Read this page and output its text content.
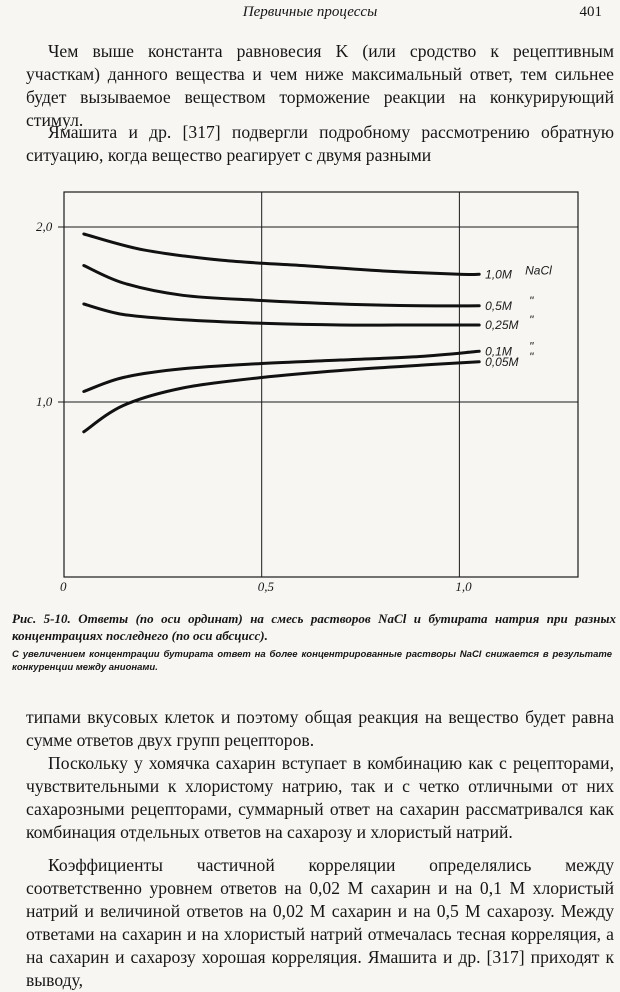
Первичные процессы	401

Чем выше константа равновесия K (или сродство к рецептивным участкам) данного вещества и чем ниже максимальный ответ, тем сильнее будет вызываемое веществом торможение реакции на конкурирующий стимул.

Ямашита и др. [317] подвергли подробному рассмотрению обратную ситуацию, когда вещество реагирует с двумя разными

0	0,5	1,0
1,0
2,0
1,0M NaCl
0,5M "
0,25M "
0,1M "
0,05M "

Рис. 5-10. Ответы (по оси ординат) на смесь растворов NaCl и бутирата натрия при разных концентрациях последнего (по оси абсцисс).

С увеличением концентрации бутирата ответ на более концентрированные растворы NaCl снижается в результате конкуренции между анионами.

типами вкусовых клеток и поэтому общая реакция на вещество будет равна сумме ответов двух групп рецепторов.

Поскольку у хомячка сахарин вступает в комбинацию как с рецепторами, чувствительными к хлористому натрию, так и с четко отличными от них сахарозными рецепторами, суммарный ответ на сахарин рассматривался как комбинация отдельных ответов на сахарозу и хлористый натрий.

Коэффициенты частичной корреляции определялись между соответственно уровнем ответов на 0,02 М сахарин и на 0,1 М хлористый натрий и величиной ответов на 0,02 М сахарин и на 0,5 М сахарозу. Между ответами на сахарин и на хлористый натрий отмечалась тесная корреляция, а на сахарин и сахарозу хорошая корреляция. Ямашита и др. [317] приходят к выводу,
